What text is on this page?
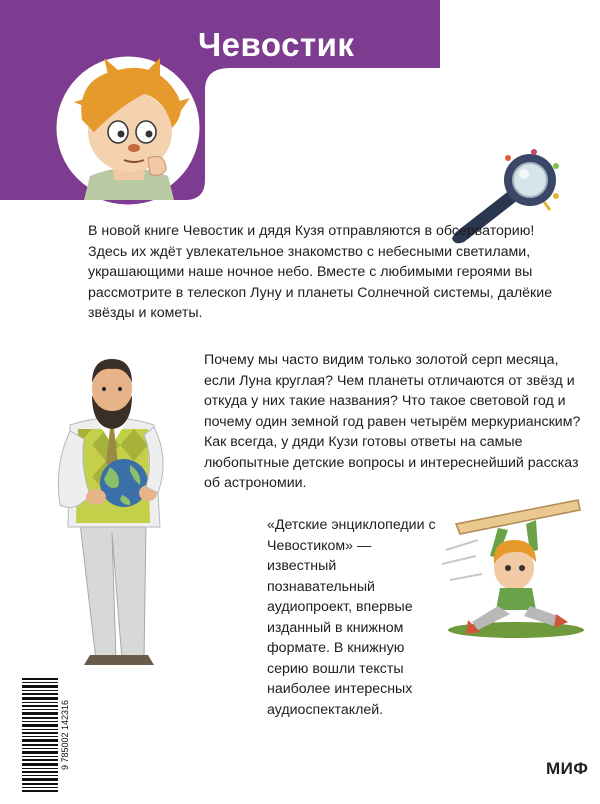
Чевостик

В новой книге Чевостик и дядя Кузя отправляются в обсерваторию! Здесь их ждёт увлекательное знакомство с небесными светилами, украшающими наше ночное небо. Вместе с любимыми героями вы рассмотрите в телескоп Луну и планеты Солнечной системы, далёкие звёзды и кометы.

Почему мы часто видим только золотой серп месяца, если Луна круглая? Чем планеты отличаются от звёзд и откуда у них такие названия? Что такое световой год и почему один земной год равен четырём меркурианским? Как всегда, у дяди Кузи готовы ответы на самые любопытные детские вопросы и интереснейший рассказ об астрономии.

«Детские энциклопедии с Чевостиком» — известный познавательный аудиопроект, впервые изданный в книжном формате. В книжную серию вошли тексты наиболее интересных аудиоспектаклей.

9 785002 142316	МИФ
